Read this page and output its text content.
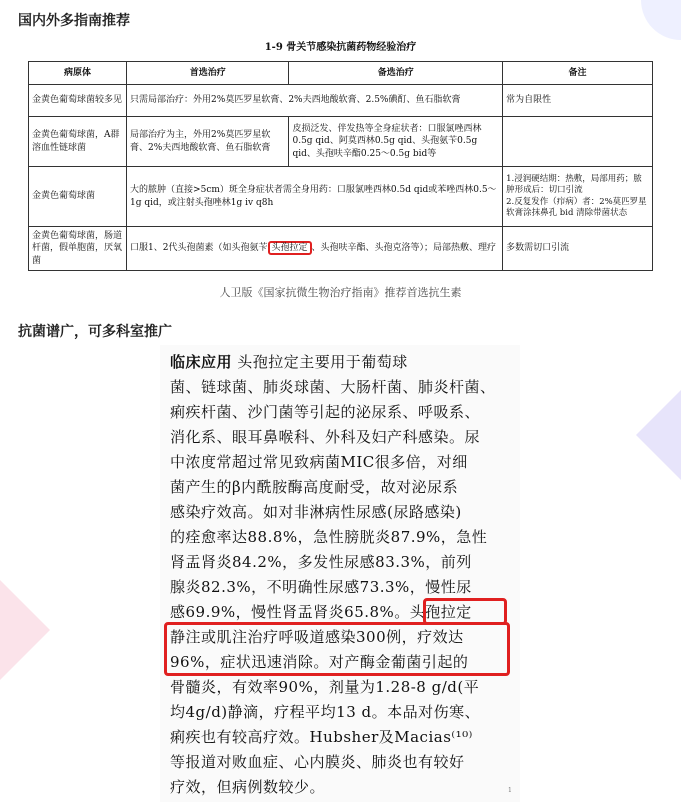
国内外多指南推荐
1-9 骨关节感染抗菌药物经验治疗
病原体	首选治疗	备选治疗	备注
金黄色葡萄球菌较多见	只需局部治疗：外用2%莫匹罗星软膏、2%夫西地酸软膏、2.5%碘酊、鱼石脂软膏		常为自限性
金黄色葡萄球菌，A群溶血性链球菌	局部治疗为主，外用2%莫匹罗星软膏、2%夫西地酸软膏、鱼石脂软膏	皮损泛发、伴发热等全身症状者：口服氯唑西林0.5g qid、阿莫西林0.5g qid、头孢氨苄0.5g qid、头孢呋辛酯0.25～0.5g bid等	
金黄色葡萄球菌	大的脓肿（直接>5cm）斑全身症状者需全身用药：口服氯唑西林0.5d qid或苯唑西林0.5～1g qid，或注射头孢唑林1g iv q8h		1.浸润硬结期：热敷，局部用药；脓肿形成后：切口引流
2.反复发作（疖病）者：2%莫匹罗星软膏涂抹鼻孔 bid 清除带菌状态
金黄色葡萄球菌，肠道杆菌，假单胞菌，厌氧菌	口服1、2代头孢菌素（如头孢氨苄 头孢拉定 、头孢呋辛酯、头孢克洛等）；局部热敷、理疗		多数需切口引流
人卫版《国家抗微生物治疗指南》推荐首选抗生素
抗菌谱广，可多科室推广
临床应用 头孢拉定主要用于葡萄球
菌、链球菌、肺炎球菌、大肠杆菌、肺炎杆菌、
痢疾杆菌、沙门菌等引起的泌尿系、呼吸系、
消化系、眼耳鼻喉科、外科及妇产科感染。尿
中浓度常超过常见致病菌MIC很多倍，对细
菌产生的β内酰胺酶高度耐受，故对泌尿系
感染疗效高。如对非淋病性尿感(尿路感染)
的痊愈率达88.8%，急性膀胱炎87.9%，急性
肾盂肾炎84.2%，多发性尿感83.3%，前列
腺炎82.3%，不明确性尿感73.3%，慢性尿
感69.9%，慢性肾盂肾炎65.8%。头孢拉定
静注或肌注治疗呼吸道感染300例，疗效达
96%，症状迅速消除。对产酶金葡菌引起的
骨髓炎，有效率90%，剂量为1.28-8 g/d(平
均4g/d)静滴，疗程平均13 d。本品对伤寒、
痢疾也有较高疗效。Hubsher及Macias⁽¹⁰⁾
等报道对败血症、心内膜炎、肺炎也有较好
疗效，但病例数较少。	1
